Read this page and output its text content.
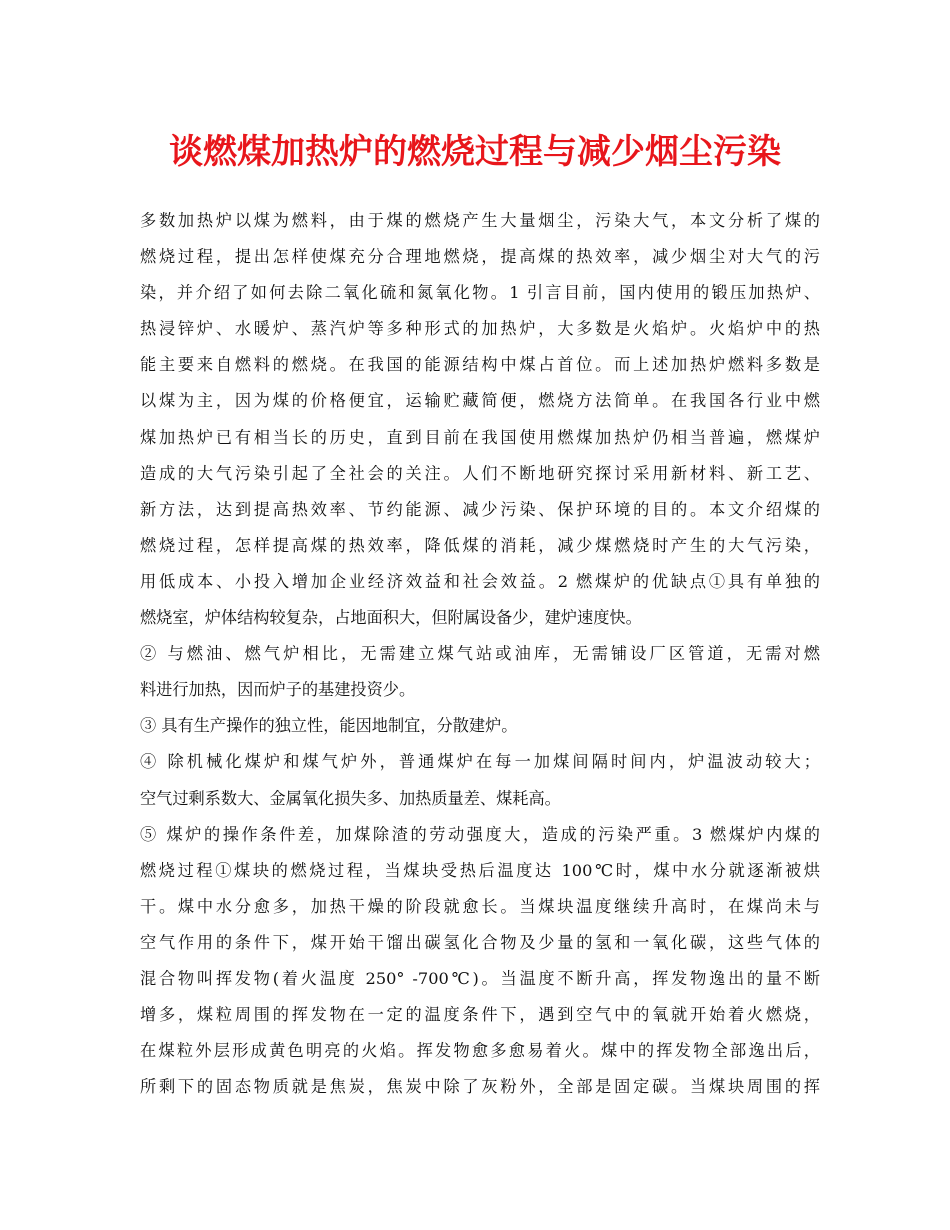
谈燃煤加热炉的燃烧过程与减少烟尘污染
多数加热炉以煤为燃料，由于煤的燃烧产生大量烟尘，污染大气，本文分析了煤的
燃烧过程，提出怎样使煤充分合理地燃烧，提高煤的热效率，减少烟尘对大气的污
染，并介绍了如何去除二氧化硫和氮氧化物。1 引言目前，国内使用的锻压加热炉、
热浸锌炉、水暖炉、蒸汽炉等多种形式的加热炉，大多数是火焰炉。火焰炉中的热
能主要来自燃料的燃烧。在我国的能源结构中煤占首位。而上述加热炉燃料多数是
以煤为主，因为煤的价格便宜，运输贮藏简便，燃烧方法简单。在我国各行业中燃
煤加热炉已有相当长的历史，直到目前在我国使用燃煤加热炉仍相当普遍，燃煤炉
造成的大气污染引起了全社会的关注。人们不断地研究探讨采用新材料、新工艺、
新方法，达到提高热效率、节约能源、减少污染、保护环境的目的。本文介绍煤的
燃烧过程，怎样提高煤的热效率，降低煤的消耗，减少煤燃烧时产生的大气污染，
用低成本、小投入增加企业经济效益和社会效益。2 燃煤炉的优缺点①具有单独的
燃烧室，炉体结构较复杂，占地面积大，但附属设备少，建炉速度快。
② 与燃油、燃气炉相比，无需建立煤气站或油库，无需铺设厂区管道，无需对燃
料进行加热，因而炉子的基建投资少。
③ 具有生产操作的独立性，能因地制宜，分散建炉。
④ 除机械化煤炉和煤气炉外，普通煤炉在每一加煤间隔时间内，炉温波动较大；
空气过剩系数大、金属氧化损失多、加热质量差、煤耗高。
⑤ 煤炉的操作条件差，加煤除渣的劳动强度大，造成的污染严重。3 燃煤炉内煤的
燃烧过程①煤块的燃烧过程，当煤块受热后温度达 100℃时，煤中水分就逐渐被烘
干。煤中水分愈多，加热干燥的阶段就愈长。当煤块温度继续升高时，在煤尚未与
空气作用的条件下，煤开始干馏出碳氢化合物及少量的氢和一氧化碳，这些气体的
混合物叫挥发物(着火温度 250° -700℃)。当温度不断升高，挥发物逸出的量不断
增多，煤粒周围的挥发物在一定的温度条件下，遇到空气中的氧就开始着火燃烧，
在煤粒外层形成黄色明亮的火焰。挥发物愈多愈易着火。煤中的挥发物全部逸出后，
所剩下的固态物质就是焦炭，焦炭中除了灰粉外，全部是固定碳。当煤块周围的挥
